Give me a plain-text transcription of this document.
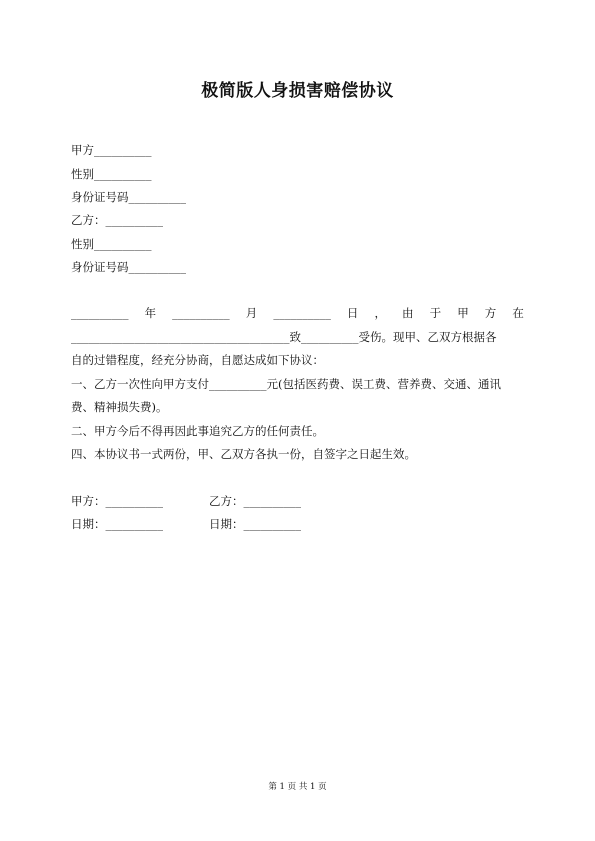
极简版人身损害赔偿协议
甲方__________
性别__________
身份证号码__________
乙方：__________
性别__________
身份证号码__________
__________ 年 __________ 月 __________ 日 ， 由 于 甲 方 在
______________________________________致__________受伤。现甲、乙双方根据各
自的过错程度，经充分协商，自愿达成如下协议：
一、乙方一次性向甲方支付__________元(包括医药费、误工费、营养费、交通、通讯
费、精神损失费)。
二、甲方今后不得再因此事追究乙方的任何责任。
四、本协议书一式两份，甲、乙双方各执一份，自签字之日起生效。
甲方：__________	乙方：__________
日期：__________	日期：__________
第 1 页 共 1 页
